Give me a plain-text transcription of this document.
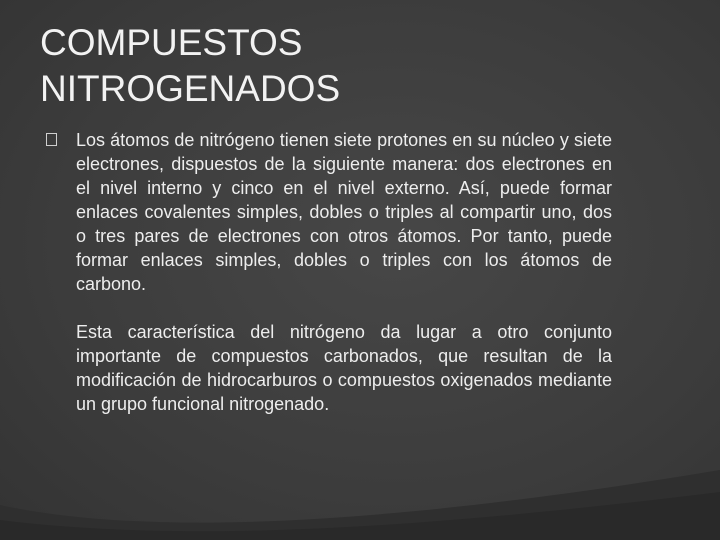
COMPUESTOS
NITROGENADOS

Los átomos de nitrógeno tienen siete protones en su núcleo y siete electrones, dispuestos de la siguiente manera: dos electrones en el nivel interno y cinco en el nivel externo. Así, puede formar enlaces covalentes simples, dobles o triples al compartir uno, dos o tres pares de electrones con otros átomos. Por tanto, puede formar enlaces simples, dobles o triples con los átomos de carbono.

Esta característica del nitrógeno da lugar a otro conjunto importante de compuestos carbonados, que resultan de la modificación de hidrocarburos o compuestos oxigenados mediante un grupo funcional nitrogenado.
